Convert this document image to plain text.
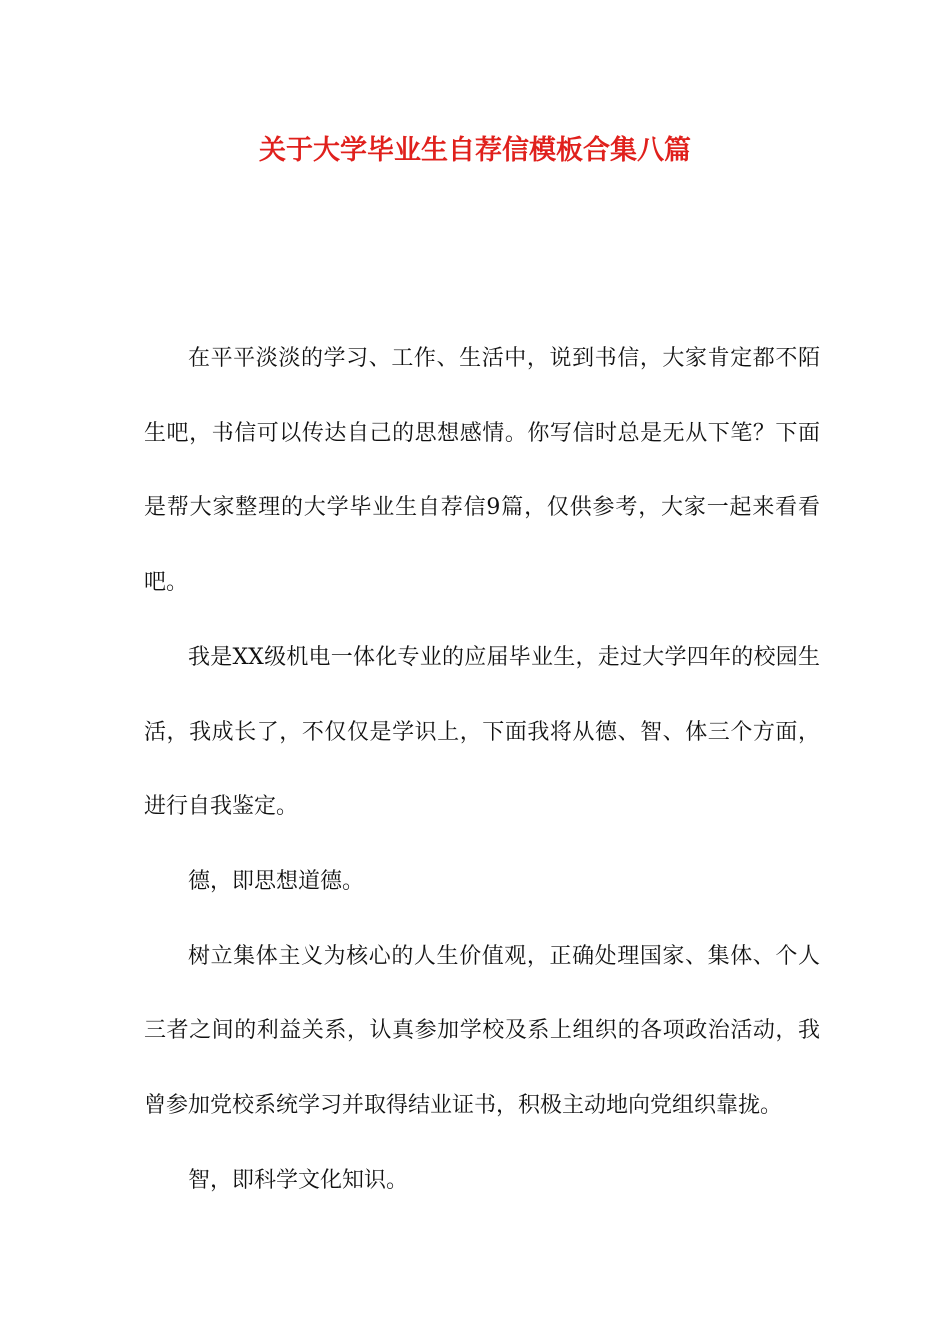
关于大学毕业生自荐信模板合集八篇

在平平淡淡的学习、工作、生活中，说到书信，大家肯定都不陌生吧，书信可以传达自己的思想感情。你写信时总是无从下笔？下面是帮大家整理的大学毕业生自荐信9篇，仅供参考，大家一起来看看吧。

我是XX级机电一体化专业的应届毕业生，走过大学四年的校园生活，我成长了，不仅仅是学识上，下面我将从德、智、体三个方面，进行自我鉴定。

德，即思想道德。

树立集体主义为核心的人生价值观，正确处理国家、集体、个人三者之间的利益关系，认真参加学校及系上组织的各项政治活动，我曾参加党校系统学习并取得结业证书，积极主动地向党组织靠拢。

智，即科学文化知识。
